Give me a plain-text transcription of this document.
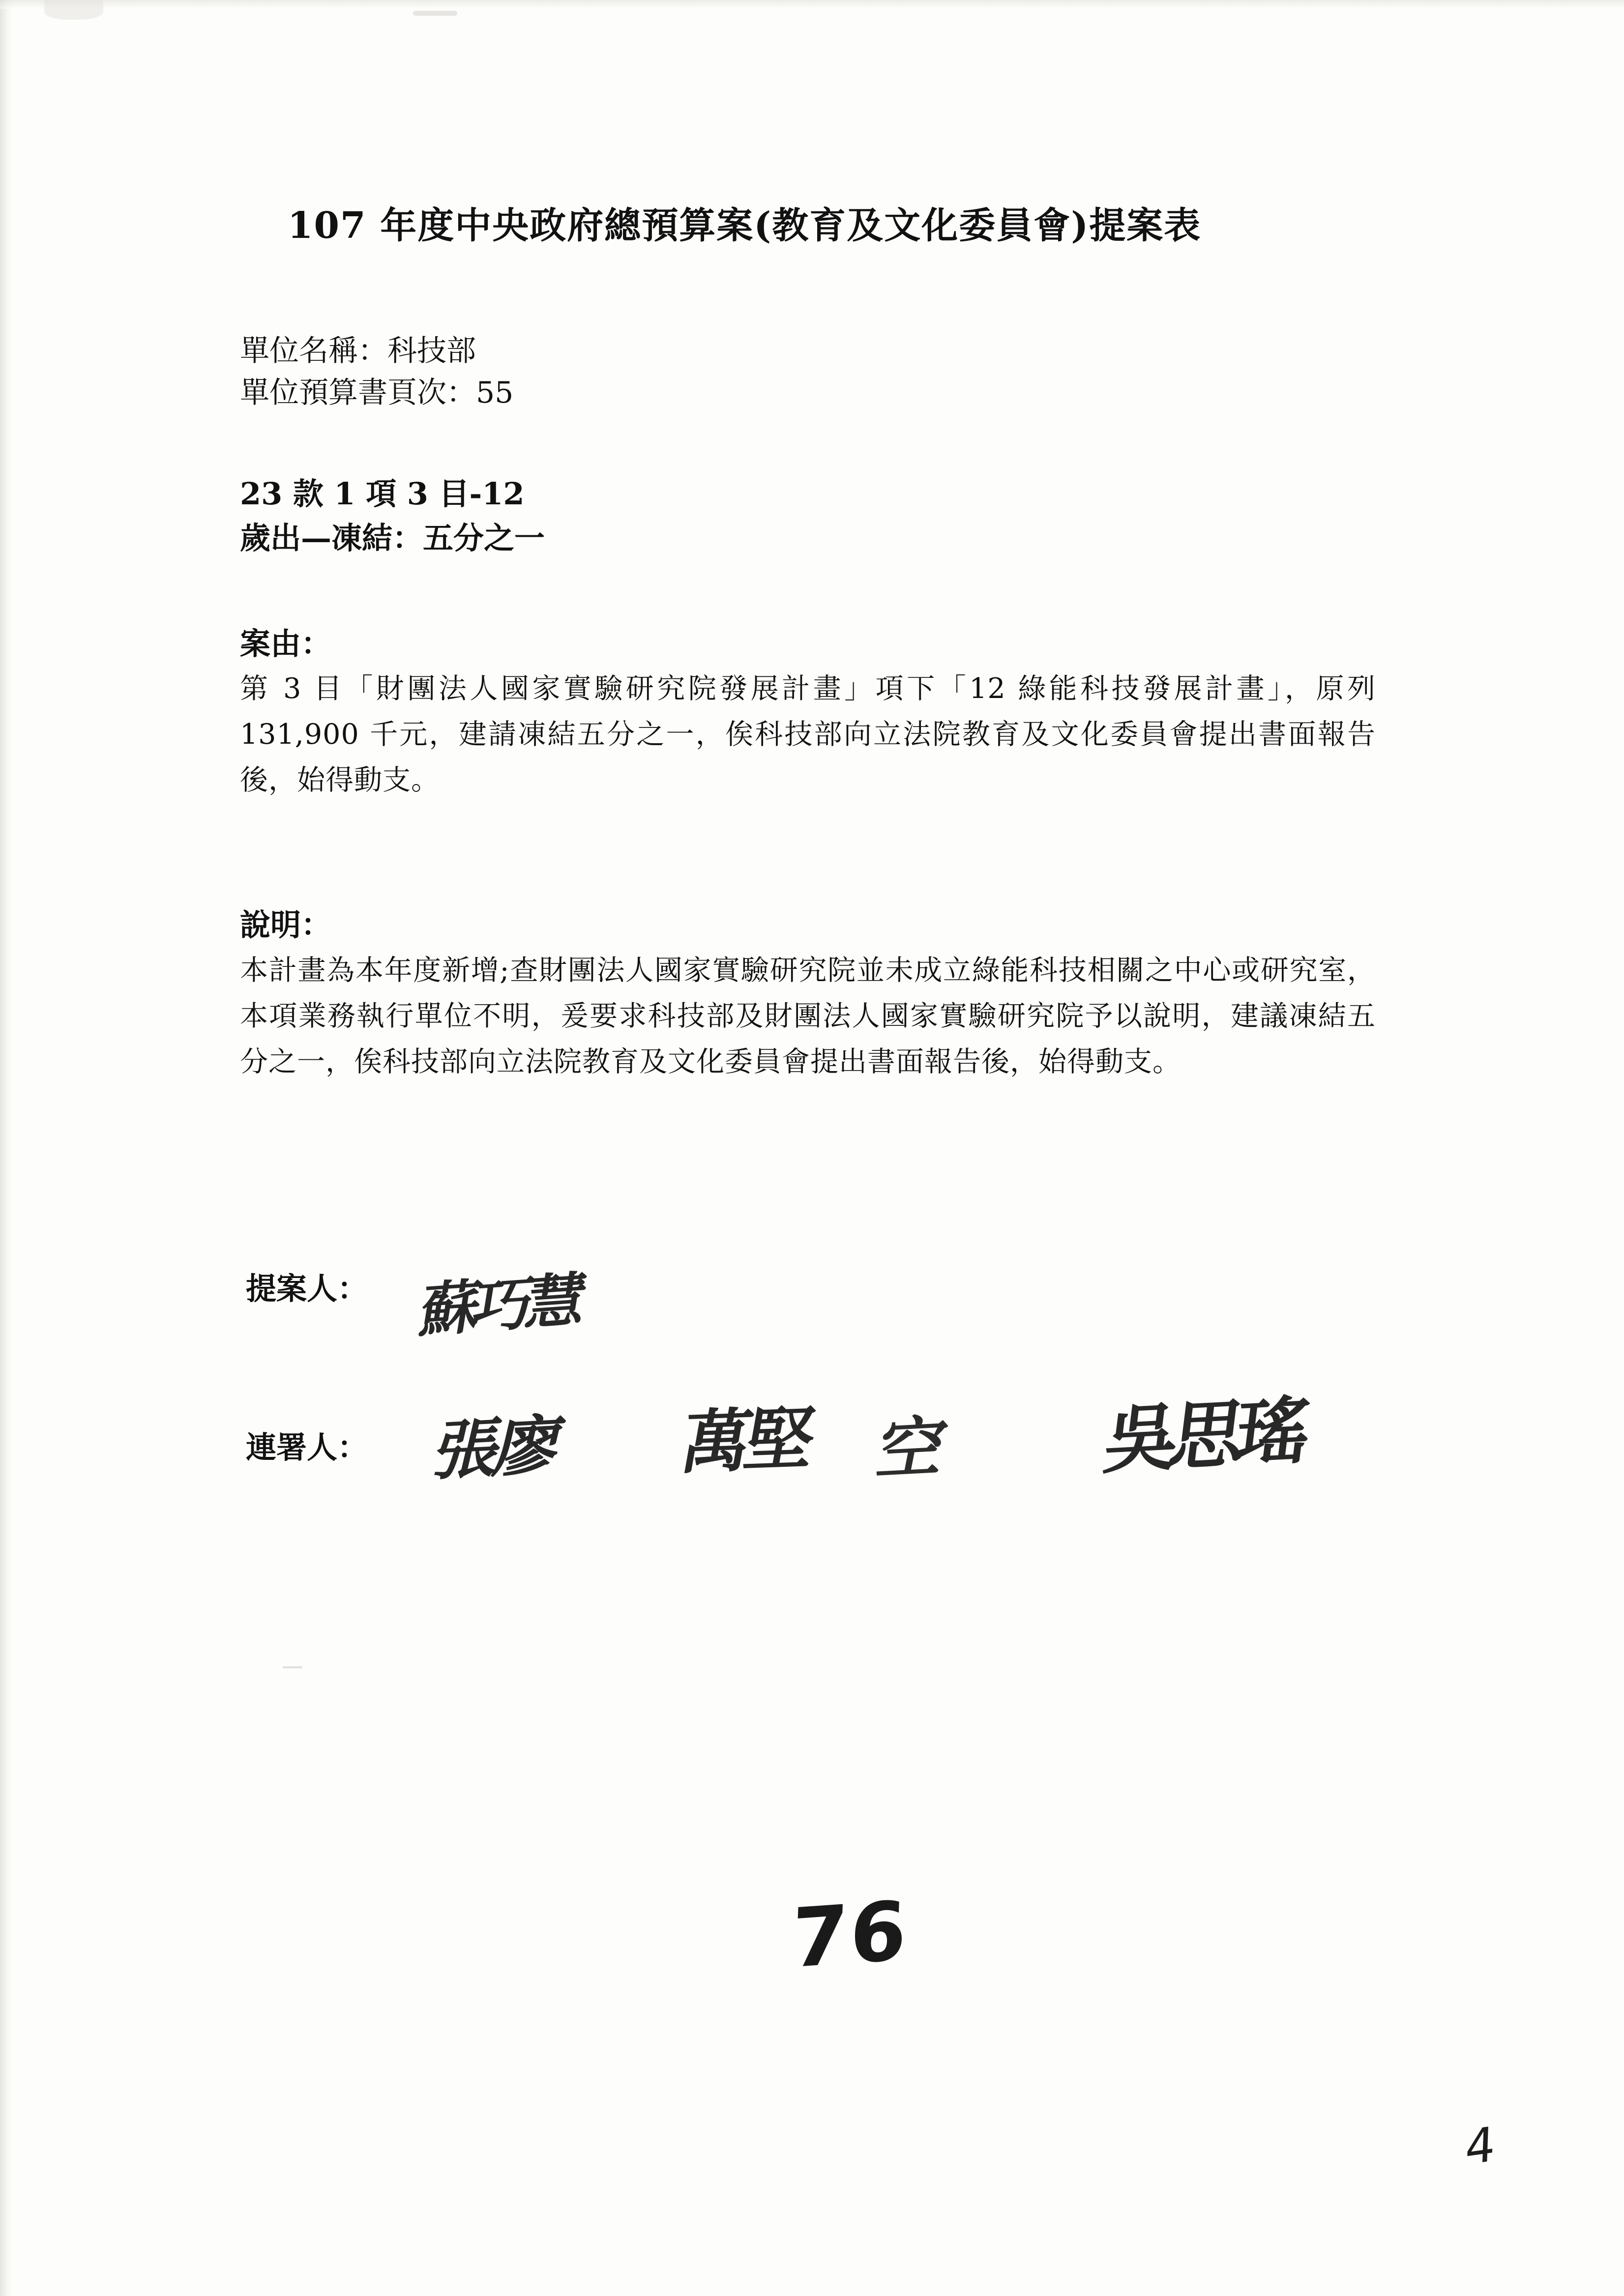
107 年度中央政府總預算案(教育及文化委員會)提案表
單位名稱：科技部
單位預算書頁次：55
23 款 1 項 3 目-12
歲出—凍結：五分之一
案由：
第 3 目「財團法人國家實驗研究院發展計畫」項下「12 綠能科技發展計畫」，原列 131,900 千元，建請凍結五分之一，俟科技部向立法院教育及文化委員會提出書面報告後，始得動支。
說明：
本計畫為本年度新增;查財團法人國家實驗研究院並未成立綠能科技相關之中心或研究室，本項業務執行單位不明，爰要求科技部及財團法人國家實驗研究院予以說明，建議凍結五分之一，俟科技部向立法院教育及文化委員會提出書面報告後，始得動支。
提案人：
連署人：
蘇巧慧
張廖 萬堅 空 吳思瑤
76
4
